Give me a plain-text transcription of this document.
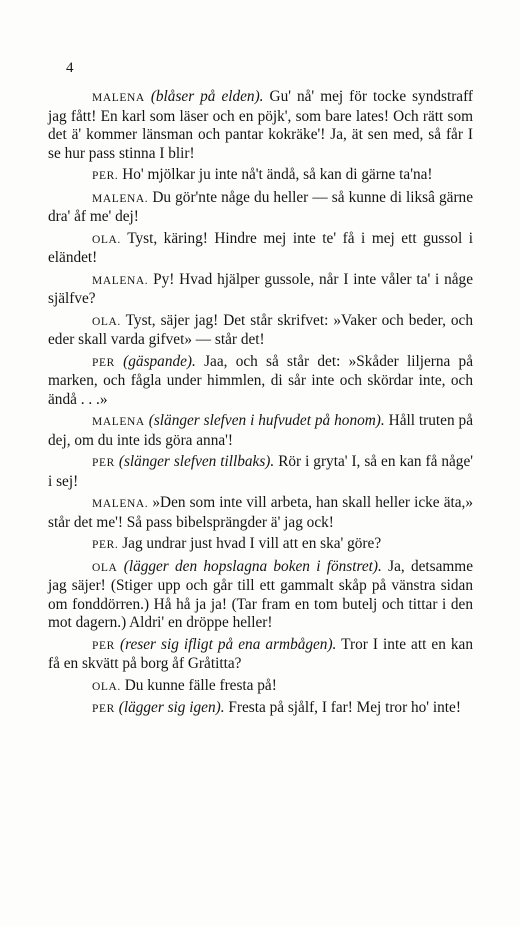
4

MALENA (blåser på elden). Gu' nå' mej för tocke syndstraff jag fått! En karl som läser och en pöjk', som bare lates! Och rätt som det ä' kommer länsman och pantar kokräke'! Ja, ät sen med, så får I se hur pass stinna I blir!

PER. Ho' mjölkar ju inte nå't ändå, så kan di gärne ta'na!

MALENA. Du gör'nte någe du heller — så kunne di liksâ gärne dra' åf me' dej!

OLA. Tyst, käring! Hindre mej inte te' få i mej ett gussol i eländet!

MALENA. Py! Hvad hjälper gussole, når I inte våler ta' i någe själfve?

OLA. Tyst, säjer jag! Det står skrifvet: »Vaker och beder, och eder skall varda gifvet» — står det!

PER (gäspande). Jaa, och så står det: »Skåder liljerna på marken, och fågla under himmlen, di sår inte och skördar inte, och ändå . . .»

MALENA (slänger slefven i hufvudet på honom). Håll truten på dej, om du inte ids göra anna'!

PER (slänger slefven tillbaks). Rör i gryta' I, så en kan få någe' i sej!

MALENA. »Den som inte vill arbeta, han skall heller icke äta,» står det me'! Så pass bibelsprängder ä' jag ock!

PER. Jag undrar just hvad I vill att en ska' göre?

OLA (lägger den hopslagna boken i fönstret). Ja, detsamme jag säjer! (Stiger upp och går till ett gammalt skåp på vänstra sidan om fonddörren.) Hå hå ja ja! (Tar fram en tom butelj och tittar i den mot dagern.) Aldri' en dröppe heller!

PER (reser sig ifligt på ena armbågen). Tror I inte att en kan få en skvätt på borg åf Gråtitta?

OLA. Du kunne fälle fresta på!

PER (lägger sig igen). Fresta på sjålf, I far! Mej tror ho' inte!
